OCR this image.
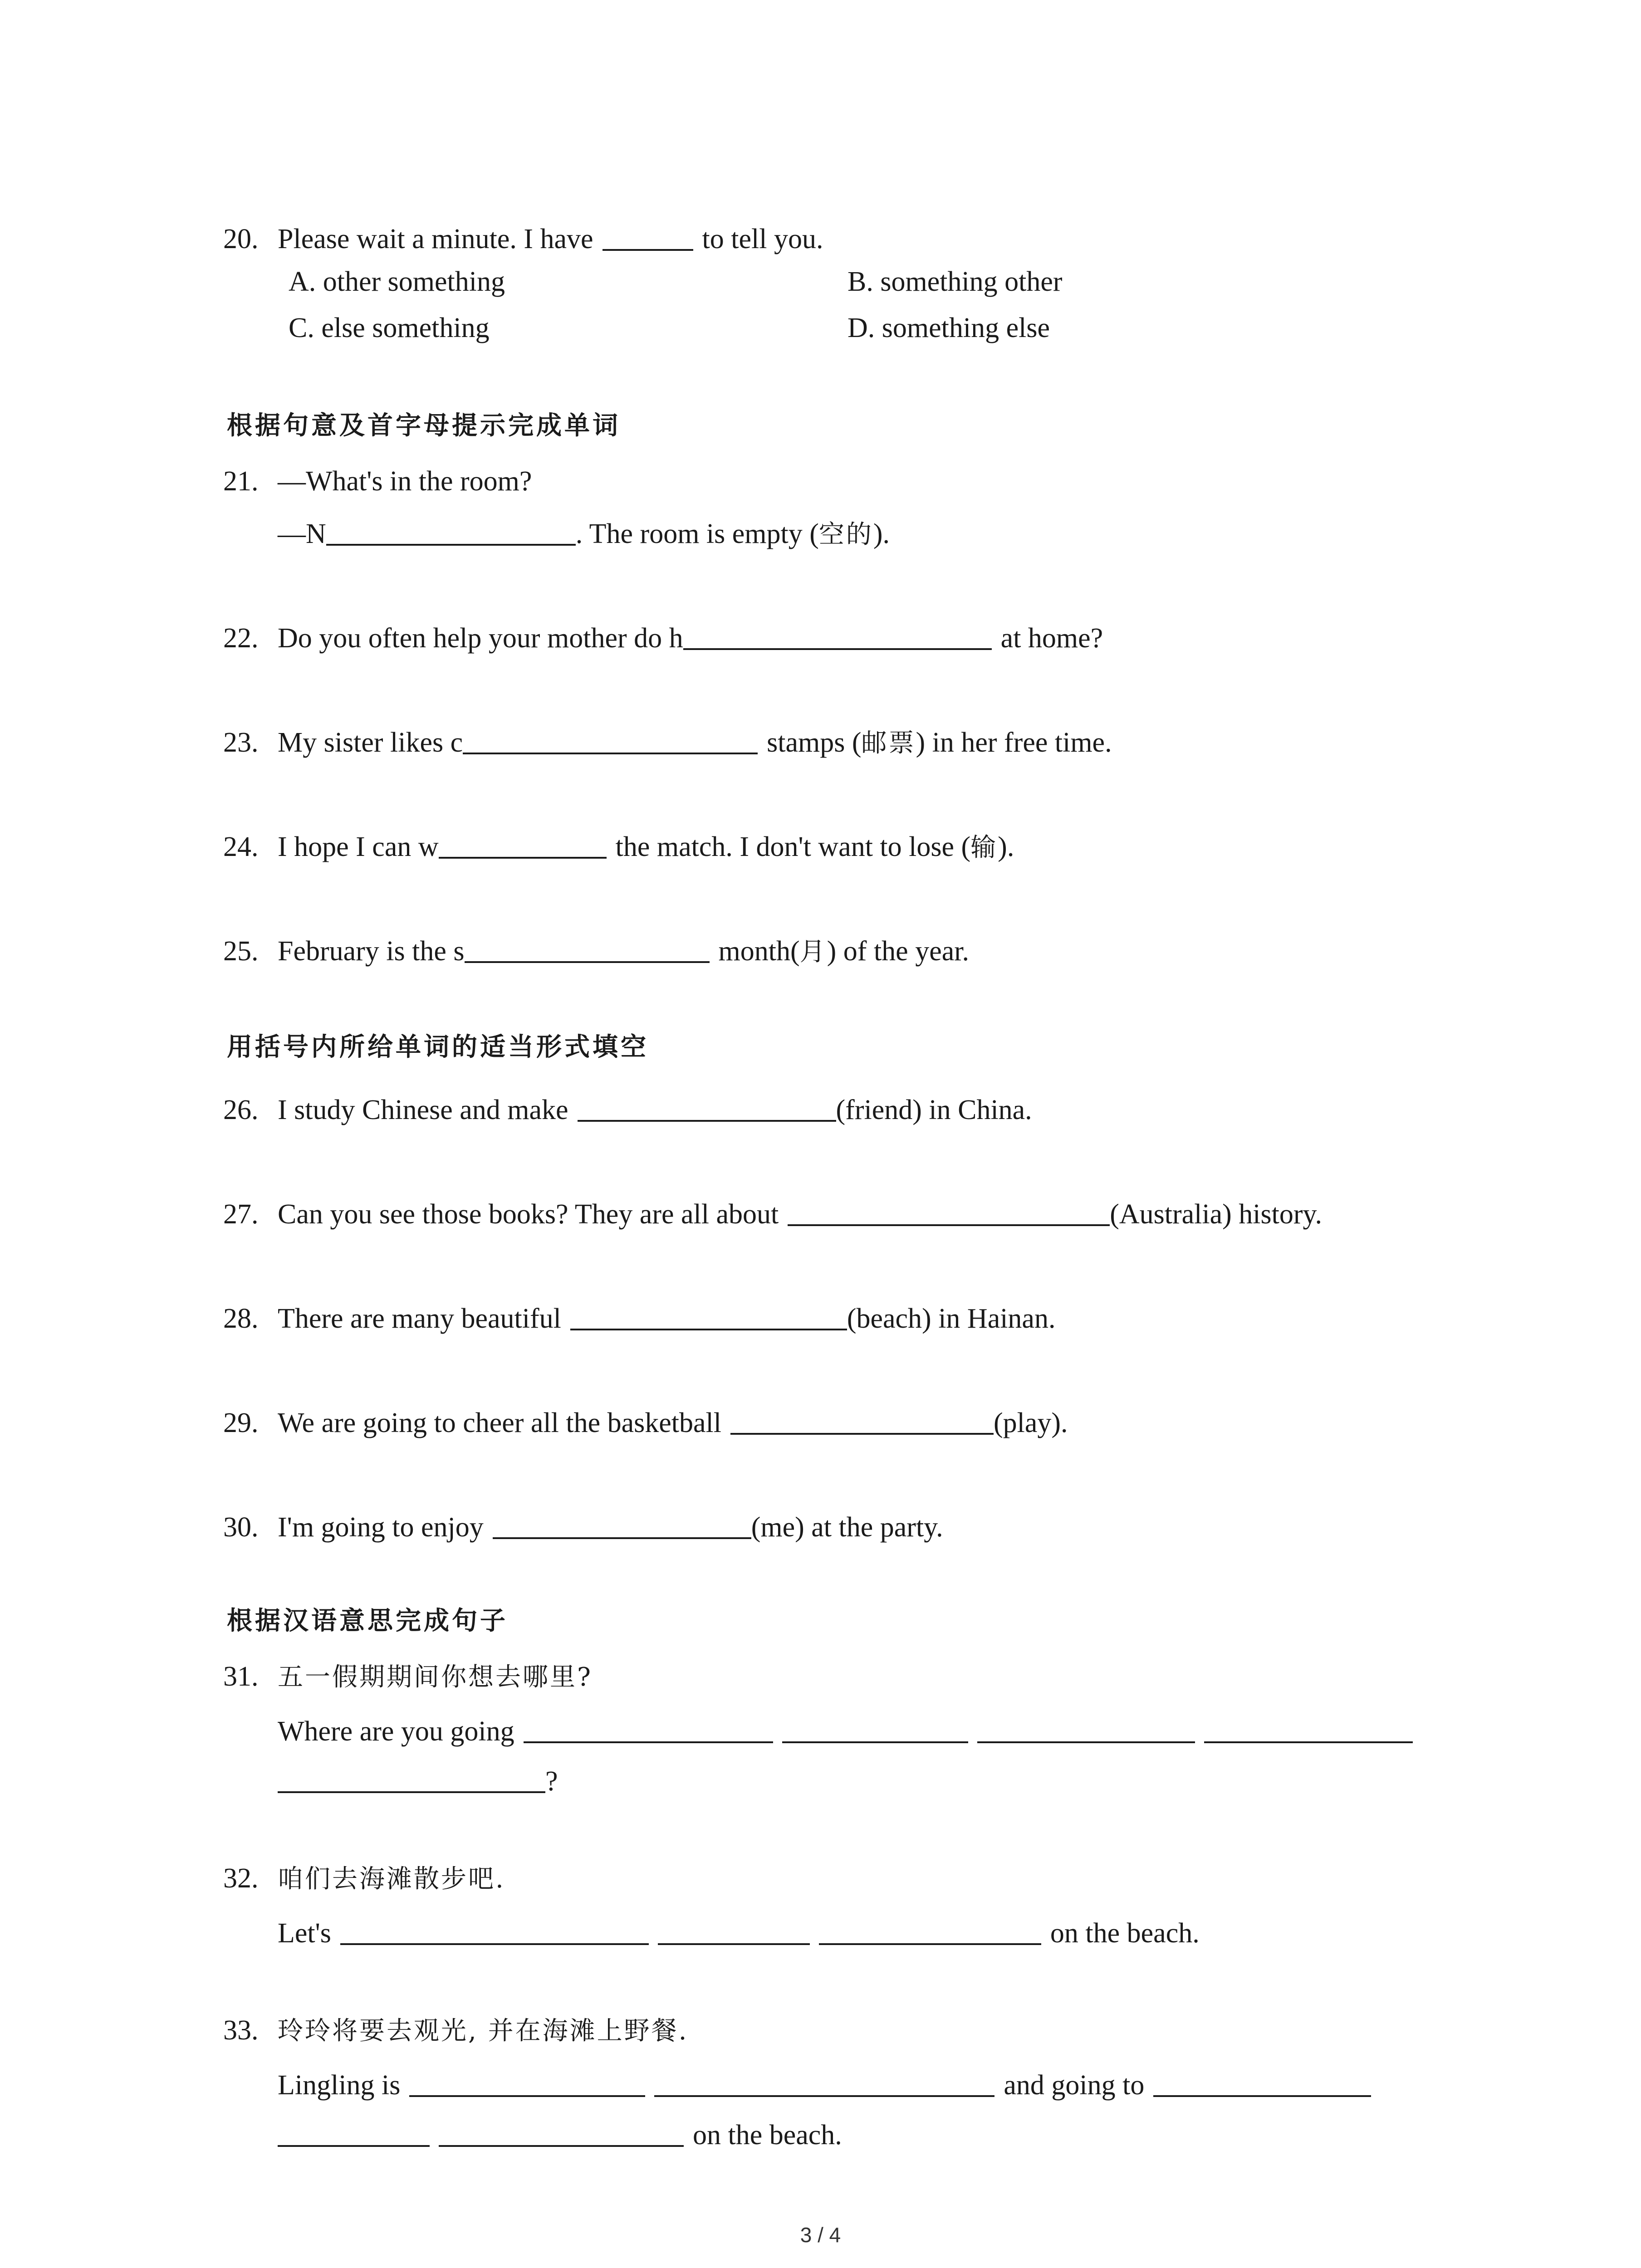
20. Please wait a minute. I have	to tell you.
A. other something	B. something other
C. else something	D. something else
根据句意及首字母提示完成单词
21. —What's in the room?
—N	. The room is empty (空的).
22. Do you often help your mother do h	at home?
23. My sister likes c	stamps (邮票) in her free time.
24. I hope I can w	the match. I don't want to lose (输).
25. February is the s	month(月) of the year.
用括号内所给单词的适当形式填空
26. I study Chinese and make	(friend) in China.
27. Can you see those books? They are all about	(Australia) history.
28. There are many beautiful	(beach) in Hainan.
29. We are going to cheer all the basketball	(play).
30. I'm going to enjoy	(me) at the party.
根据汉语意思完成句子
31. 五一假期期间你想去哪里?
Where are you going
?
32. 咱们去海滩散步吧.
Let's	on the beach.
33. 玲玲将要去观光, 并在海滩上野餐.
Lingling is	and going to
on the beach.
3 / 4
